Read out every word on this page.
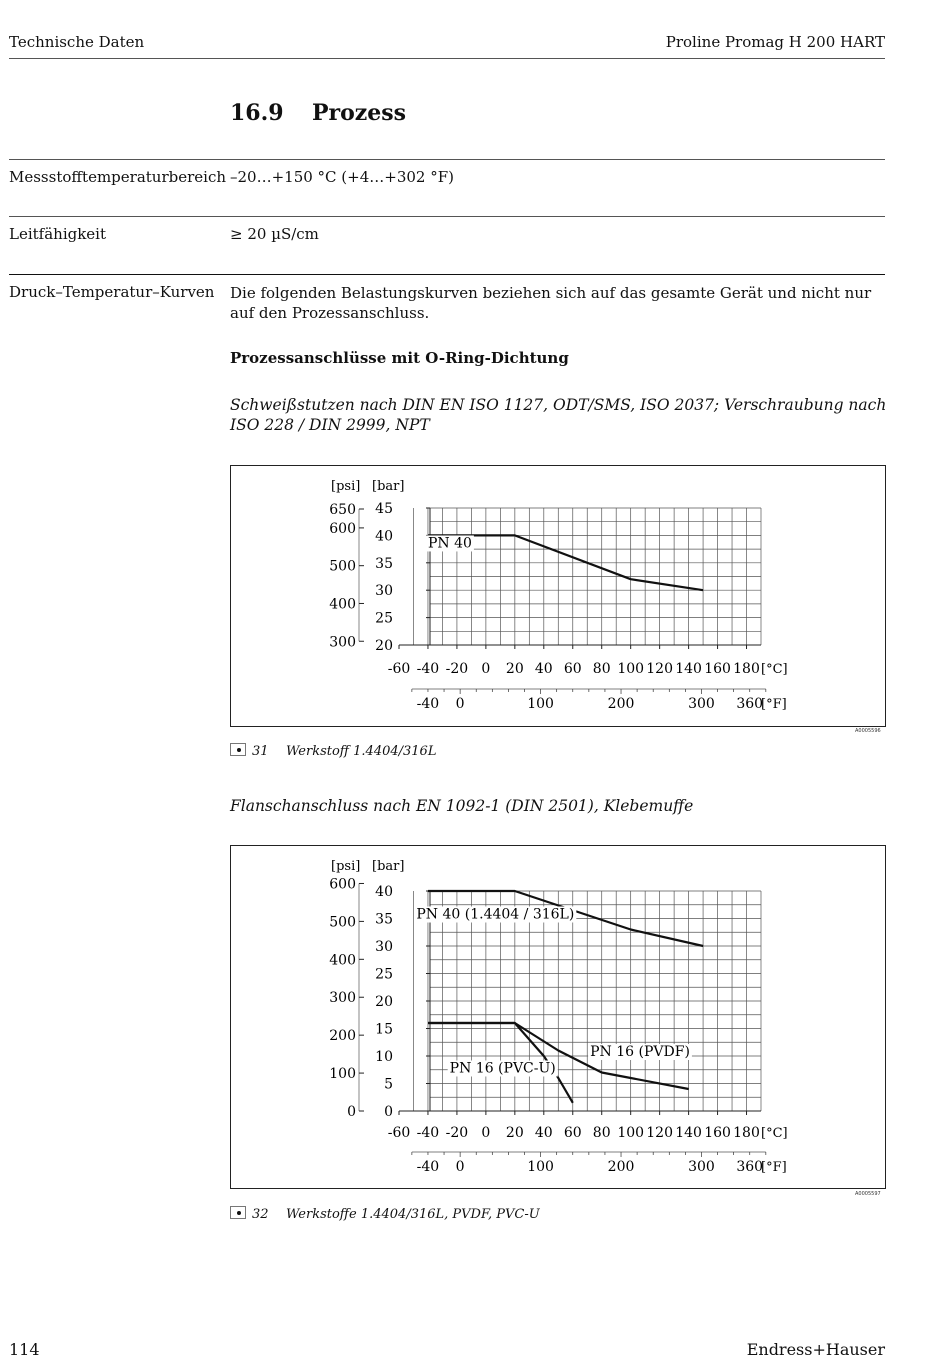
Technische Daten	Proline Promag H 200 HART
16.9 Prozess
Messstofftemperaturbereich –20…+150 °C (+4…+302 °F)
Leitfähigkeit	≥ 20 µS/cm
Druck–Temperatur–Kurven Die folgenden Belastungskurven beziehen sich auf das gesamte Gerät und nicht nur auf den Prozessanschluss.
Prozessanschlüsse mit O-Ring-Dichtung
Schweißstutzen nach DIN EN ISO 1127, ODT/SMS, ISO 2037; Verschraubung nach ISO 228 / DIN 2999, NPT
45
40
35
30
25
20
650
600
500
400
300
[psi] [bar]
-60 -40 -20 0 20 40 60 80 100 120 140 160 180 [°C]
-40 0	100	200	300 360
[°F]
PN 40
A0005596
31 Werkstoff 1.4404/316L
Flanschanschluss nach EN 1092-1 (DIN 2501), Klebemuffe
40
35
30
25
20
15
10
5
0
600
500
400
300
200
100
0
[psi] [bar]
-60 -40 -20 0 20 40 60 80 100 120 140 160 180 [°C]
-40 0	100	200	300 360
[°F]
PN 40 (1.4404 / 316L)
PN 16 (PVC-U)
PN 16 (PVDF)
A0005597
32 Werkstoffe 1.4404/316L, PVDF, PVC-U
114	Endress+Hauser
